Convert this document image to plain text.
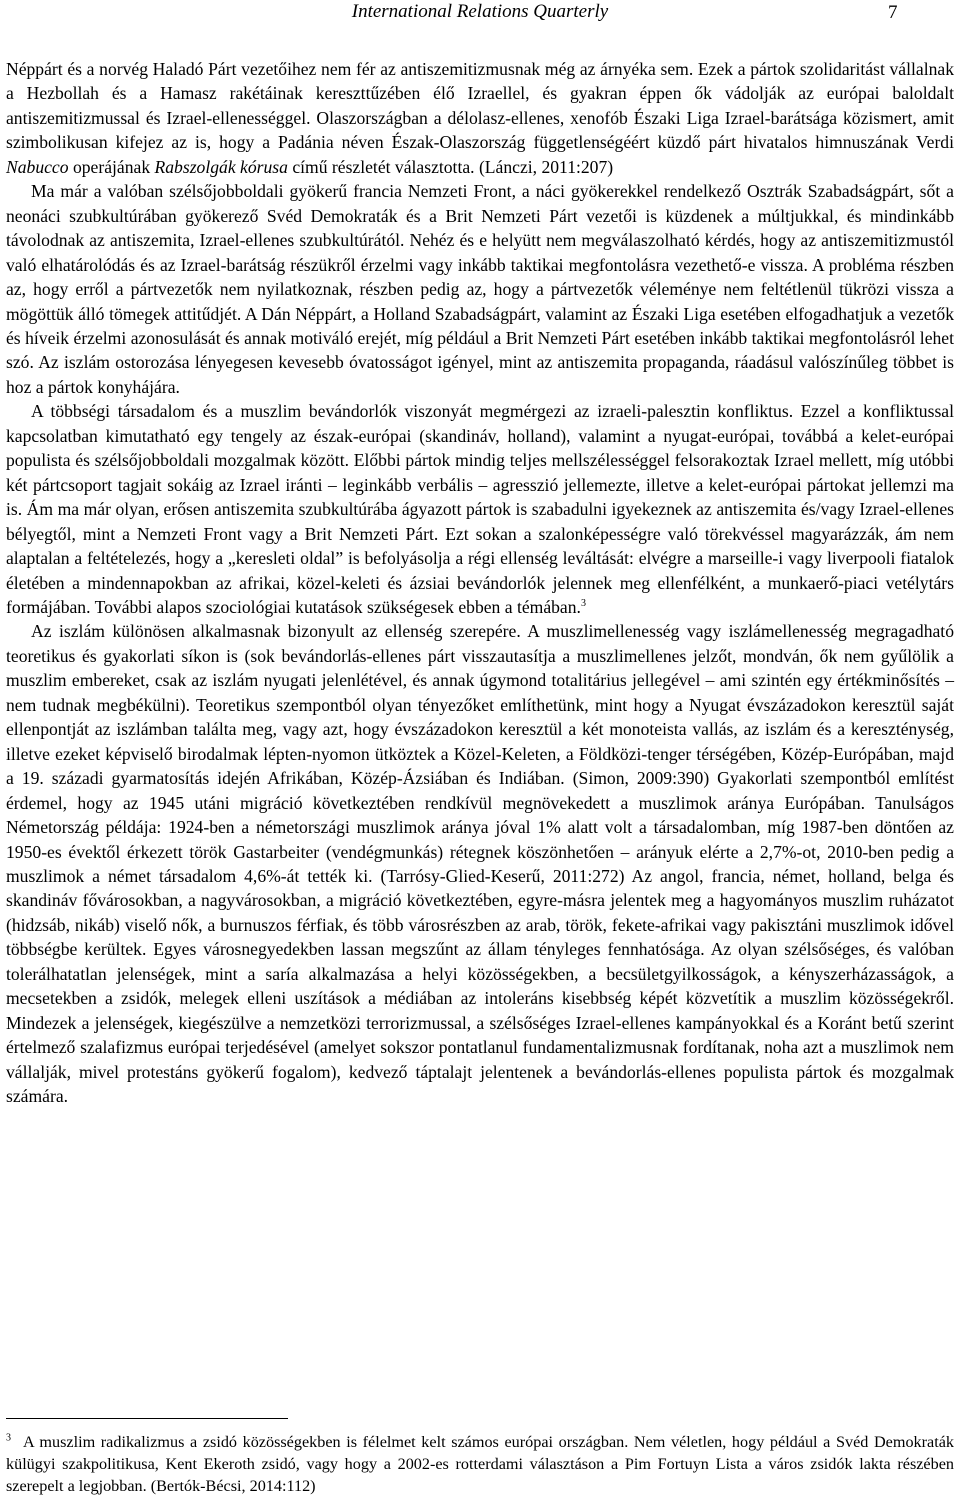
International Relations Quarterly	7

Néppárt és a norvég Haladó Párt vezetőihez nem fér az antiszemitizmusnak még az árnyéka sem. Ezek a pártok szolidaritást vállalnak a Hezbollah és a Hamasz rakétáinak kereszttűzében élő Izraellel, és gyakran éppen ők vádolják az európai baloldalt antiszemitizmussal és Izrael-ellenességgel. Olaszországban a délolasz-ellenes, xenofób Északi Liga Izrael-barátsága közismert, amit szimbolikusan kifejez az is, hogy a Padánia néven Észak-Olaszország függetlenségéért küzdő párt hivatalos himnuszának Verdi Nabucco operájának Rabszolgák kórusa című részletét választotta. (Lánczi, 2011:207)

Ma már a valóban szélsőjobboldali gyökerű francia Nemzeti Front, a náci gyökerekkel rendelkező Osztrák Szabadságpárt, sőt a neonáci szubkultúrában gyökerező Svéd Demokraták és a Brit Nemzeti Párt vezetői is küzdenek a múltjukkal, és mindinkább távolodnak az antiszemita, Izrael-ellenes szubkultúrától. Nehéz és e helyütt nem megválaszolható kérdés, hogy az antiszemitizmustól való elhatárolódás és az Izrael-barátság részükről érzelmi vagy inkább taktikai megfontolásra vezethető-e vissza. A probléma részben az, hogy erről a pártvezetők nem nyilatkoznak, részben pedig az, hogy a pártvezetők véleménye nem feltétlenül tükrözi vissza a mögöttük álló tömegek attitűdjét. A Dán Néppárt, a Holland Szabadságpárt, valamint az Északi Liga esetében elfogadhatjuk a vezetők és híveik érzelmi azonosulását és annak motiváló erejét, míg például a Brit Nemzeti Párt esetében inkább taktikai megfontolásról lehet szó. Az iszlám ostorozása lényegesen kevesebb óvatosságot igényel, mint az antiszemita propaganda, ráadásul valószínűleg többet is hoz a pártok konyhájára.

A többségi társadalom és a muszlim bevándorlók viszonyát megmérgezi az izraeli-palesztin konfliktus. Ezzel a konfliktussal kapcsolatban kimutatható egy tengely az észak-európai (skandináv, holland), valamint a nyugat-európai, továbbá a kelet-európai populista és szélsőjobboldali mozgalmak között. Előbbi pártok mindig teljes mellszélességgel felsorakoztak Izrael mellett, míg utóbbi két pártcsoport tagjait sokáig az Izrael iránti – leginkább verbális – agresszió jellemezte, illetve a kelet-európai pártokat jellemzi ma is. Ám ma már olyan, erősen antiszemita szubkultúrába ágyazott pártok is szabadulni igyekeznek az antiszemita és/vagy Izrael-ellenes bélyegtől, mint a Nemzeti Front vagy a Brit Nemzeti Párt. Ezt sokan a szalonképességre való törekvéssel magyarázzák, ám nem alaptalan a feltételezés, hogy a „keresleti oldal” is befolyásolja a régi ellenség leváltását: elvégre a marseille-i vagy liverpooli fiatalok életében a mindennapokban az afrikai, közel-keleti és ázsiai bevándorlók jelennek meg ellenfélként, a munkaerő-piaci vetélytárs formájában. További alapos szociológiai kutatások szükségesek ebben a témában.$^3$

Az iszlám különösen alkalmasnak bizonyult az ellenség szerepére. A muszlimellenesség vagy iszlámellenesség megragadható teoretikus és gyakorlati síkon is (sok bevándorlás-ellenes párt visszautasítja a muszlimellenes jelzőt, mondván, ők nem gyűlölik a muszlim embereket, csak az iszlám nyugati jelenlétével, és annak úgymond totalitárius jellegével – ami szintén egy értékminősítés – nem tudnak megbékülni). Teoretikus szempontból olyan tényezőket említhetünk, mint hogy a Nyugat évszázadokon keresztül saját ellenpontját az iszlámban találta meg, vagy azt, hogy évszázadokon keresztül a két monoteista vallás, az iszlám és a kereszténység, illetve ezeket képviselő birodalmak lépten-nyomon ütköztek a Közel-Keleten, a Földközi-tenger térségében, Közép-Európában, majd a 19. századi gyarmatosítás idején Afrikában, Közép-Ázsiában és Indiában. (Simon, 2009:390) Gyakorlati szempontból említést érdemel, hogy az 1945 utáni migráció következtében rendkívül megnövekedett a muszlimok aránya Európában. Tanulságos Németország példája: 1924-ben a németországi muszlimok aránya jóval 1% alatt volt a társadalomban, míg 1987-ben döntően az 1950-es évektől érkezett török Gastarbeiter (vendégmunkás) rétegnek köszönhetően – arányuk elérte a 2,7%-ot, 2010-ben pedig a muszlimok a német társadalom 4,6%-át tették ki. (Tarrósy-Glied-Keserű, 2011:272) Az angol, francia, német, holland, belga és skandináv fővárosokban, a nagyvárosokban, a migráció következtében, egyre-másra jelentek meg a hagyományos muszlim ruházatot (hidzsáb, nikáb) viselő nők, a burnuszos férfiak, és több városrészben az arab, török, fekete-afrikai vagy pakisztáni muszlimok idővel többségbe kerültek. Egyes városnegyedekben lassan megszűnt az állam tényleges fennhatósága. Az olyan szélsőséges, és valóban tolerálhatatlan jelenségek, mint a saría alkalmazása a helyi közösségekben, a becsületgyilkosságok, a kényszerházasságok, a mecsetekben a zsidók, melegek elleni uszítások a médiában az intoleráns kisebbség képét közvetítik a muszlim közösségekről. Mindezek a jelenségek, kiegészülve a nemzetközi terrorizmussal, a szélsőséges Izrael-ellenes kampányokkal és a Koránt betű szerint értelmező szalafizmus európai terjedésével (amelyet sokszor pontatlanul fundamentalizmusnak fordítanak, noha azt a muszlimok nem vállalják, mivel protestáns gyökerű fogalom), kedvező táptalajt jelentenek a bevándorlás-ellenes populista pártok és mozgalmak számára.

$^3$ A muszlim radikalizmus a zsidó közösségekben is félelmet kelt számos európai országban. Nem véletlen, hogy például a Svéd Demokraták külügyi szakpolitikusa, Kent Ekeroth zsidó, vagy hogy a 2002-es rotterdami választáson a Pim Fortuyn Lista a város zsidók lakta részében szerepelt a legjobban. (Bertók-Bécsi, 2014:112)
